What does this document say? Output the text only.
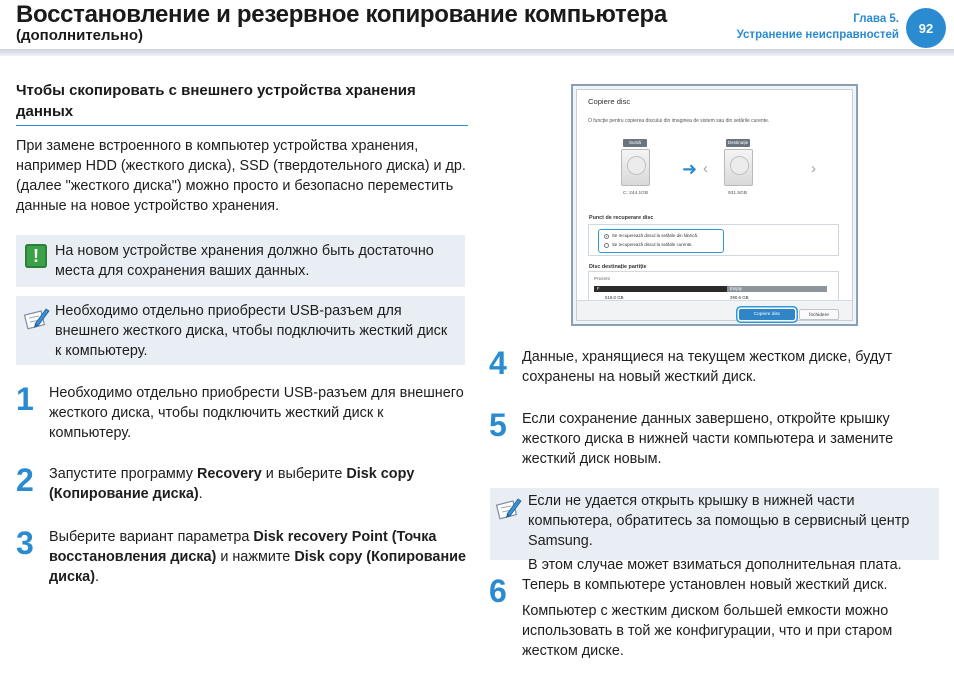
Восстановление и резервное копирование компьютера
(дополнительно)
Глава 5.
Устранение неисправностей	92
Чтобы скопировать с внешнего устройства хранения данных
При замене встроенного в компьютер устройства хранения, например HDD (жесткого диска), SSD (твердотельного диска) и др. (далее "жесткого диска") можно просто и безопасно переместить данные на новое устройство хранения.
!	На новом устройстве хранения должно быть достаточно места для сохранения ваших данных.
Необходимо отдельно приобрести USB-разъем для внешнего жесткого диска, чтобы подключить жесткий диск к компьютеру.
1 Необходимо отдельно приобрести USB-разъем для внешнего жесткого диска, чтобы подключить жесткий диск к компьютеру.
2 Запустите программу Recovery и выберите Disk copy (Копирование диска).
3 Выберите вариант параметра Disk recovery Point (Точка восстановления диска) и нажмите Disk copy (Копирование диска).
Copiere disc
O funcție pentru copierea discului din imaginea de sistem sau din setările curente.
Sursă
C: 244.1GB
➜ ‹
Destinație
931.5GB
›
Punct de recuperare disc
Se recuperează discul la setările din fabrică.
Se recuperează discul la setările curente.
Disc destinație partiție
Prezent
F	Empty
519.0 GB	390.6 GB
Copiere disc	Închidere
4 Данные, хранящиеся на текущем жестком диске, будут сохранены на новый жесткий диск.
5 Если сохранение данных завершено, откройте крышку жесткого диска в нижней части компьютера и замените жесткий диск новым.
Если не удается открыть крышку в нижней части компьютера, обратитесь за помощью в сервисный центр Samsung.
В этом случае может взиматься дополнительная плата.
6 Теперь в компьютере установлен новый жесткий диск.
Компьютер с жестким диском большей емкости можно использовать в той же конфигурации, что и при старом жестком диске.
